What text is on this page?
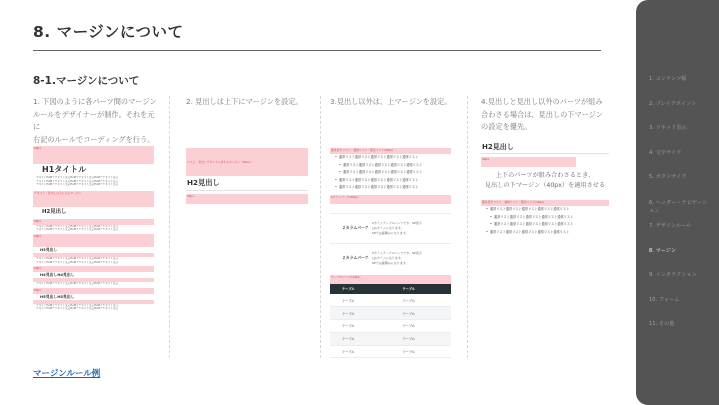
8. マージンについて
8-1.マージンについて
1. 下図のように各パーツ間のマージン
ルールをデザイナーが制作。それを元に
右記のルールでコーディングを行う。
20px
H1タイトル
テキストHoMアテキスト文章HoMアテキスト文章HoMアテキスト文章
テキストHoMアテキスト文章HoMアテキスト文章HoMアテキスト文章
テキストHoMアテキスト文章HoMアテキスト文章HoMアテキスト文章
テキスト・見出しの上に入るマージン
H2見出し
20px
テキストHoMアテキスト文章HoMアテキスト文章HoMアテキスト文章
テキストHoMアテキスト文章HoMアテキスト文章HoMアテキスト文章
20px
H3見出し
テキストHoMアテキスト文章HoMアテキスト文章HoMアテキスト文章
テキストHoMアテキスト文章HoMアテキスト文章HoMアテキスト文章
20px
H4見出しH4見出し
テキストHoMアテキスト文章HoMアテキスト文章HoMアテキスト文章
20px
H5見出しH5見出し
テキストHoMアテキスト文章HoMアテキスト文章HoMアテキスト文章
テキストHoMアテキスト文章HoMアテキスト文章HoMアテキスト文章
2. 見出しは上下にマージンを設定。
ベス上・見出しテキストに対するマージン（20px）
H2見出し
40px
3.見出し以外は、上マージンを設定。
箇条書きリスト・通常リスト・箇条リスト(16px)
• 通常リスト通常リスト通常リスト通常リスト通常リスト
• 通常リスト通常リスト通常リスト通常リスト通常リスト
• 通常リスト通常リスト通常リスト通常リスト通常リスト
• 通常リスト通常リスト通常リスト通常リスト通常リスト
• 通常リスト通常リスト通常リスト通常リスト通常リスト
2カラムパーツ(40px)
２カラムパーツ
2カラムテーブルパーツです。SP表示
は1カラムになります。
SPでは縦積みになります。
２カラムパーツ
2カラムテーブルパーツです。SP表示
は1カラムになります。
SPでは縦積みになります。
テーブル(パーツ(24px)
テーブル	テーブル
テーブル	テーブル
テーブル	テーブル
テーブル	テーブル
テーブル	テーブル
テーブル	テーブル
4.見出しと見出し以外のパーツが組み
合わさる場合は、見出しの下マージン
の設定を優先。
H2見出し
40px
上下のパーツが組み合わさるとき、
見出しの下マージン（40px）を適用させる
箇条書きリスト・通常リスト・箇条リスト(16px)
• 通常リスト通常リスト通常リスト通常リスト通常リスト
• 通常リスト通常リスト通常リスト通常リスト通常リスト
• 通常リスト通常リスト通常リスト通常リスト通常リスト
• 通常リスト通常リスト通常リスト通常リスト通常リスト
マージンルール例
1. コンテンツ幅
2. ブレイクポイント
3. リキッド表示
4. 文字サイズ
5. ボタンサイズ
6. ヘッダー・ナビゲーション
7. デザインルール
8. マージン
9. インタラクション
10. フォーム
11. その他
